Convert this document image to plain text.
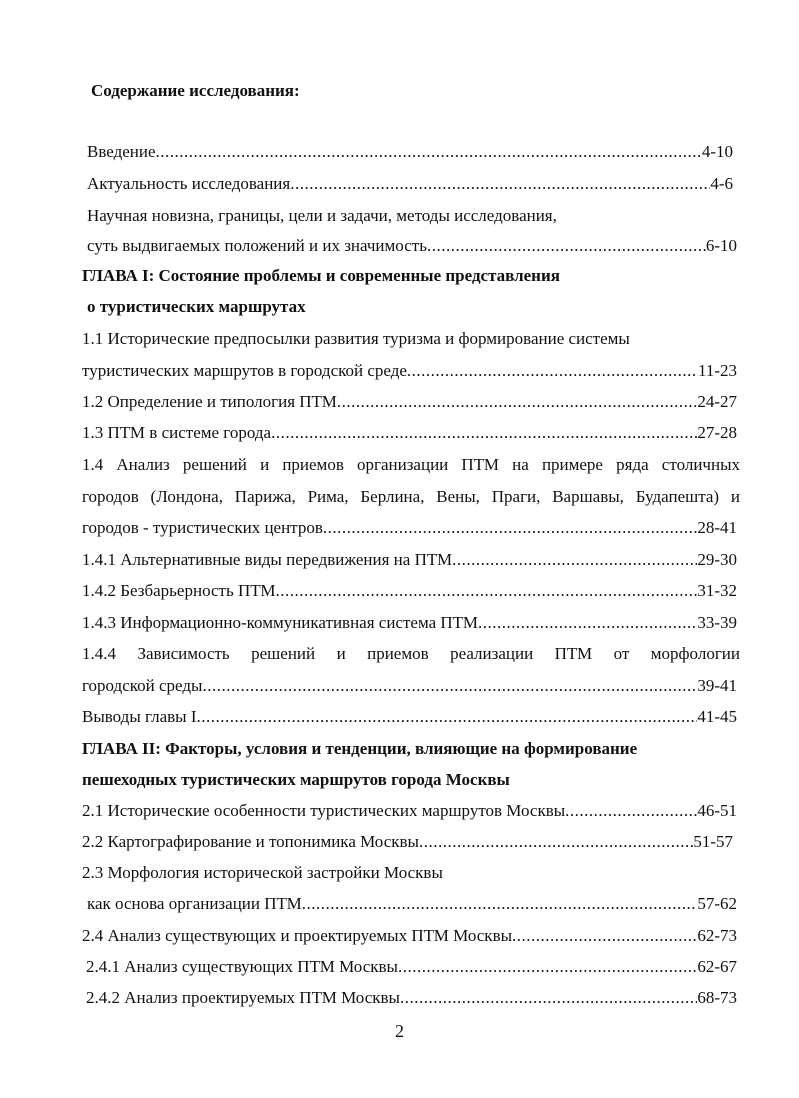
Содержание исследования:
Введение .....	4-10
Актуальность исследования .....	4-6
Научная новизна, границы, цели и задачи, методы исследования,
суть выдвигаемых положений и их значимость .....	6-10
ГЛАВА I: Состояние проблемы и современные представления
о туристических маршрутах
1.1 Исторические предпосылки развития туризма и формирование системы
туристических маршрутов в городской среде .....	11-23
1.2 Определение и типология ПТМ .....	24-27
1.3 ПТМ в системе города .....	27-28
1.4 Анализ решений и приемов организации ПТМ на примере ряда столичных
городов (Лондона, Парижа, Рима, Берлина, Вены, Праги, Варшавы, Будапешта) и
городов - туристических центров .....	28-41
1.4.1 Альтернативные виды передвижения на ПТМ .....	29-30
1.4.2 Безбарьерность ПТМ .....	31-32
1.4.3 Информационно-коммуникативная система ПТМ .....	33-39
1.4.4 Зависимость решений и приемов реализации ПТМ от морфологии
городской среды .....	39-41
Выводы главы I .....	41-45
ГЛАВА II: Факторы, условия и тенденции, влияющие на формирование
пешеходных туристических маршрутов города Москвы
2.1 Исторические особенности туристических маршрутов Москвы .....	46-51
2.2 Картографирование и топонимика Москвы .....	51-57
2.3 Морфология исторической застройки Москвы
как основа организации ПТМ .....	57-62
2.4 Анализ существующих и проектируемых ПТМ Москвы .....	62-73
2.4.1 Анализ существующих ПТМ Москвы .....	62-67
2.4.2 Анализ проектируемых ПТМ Москвы .....	68-73
2
